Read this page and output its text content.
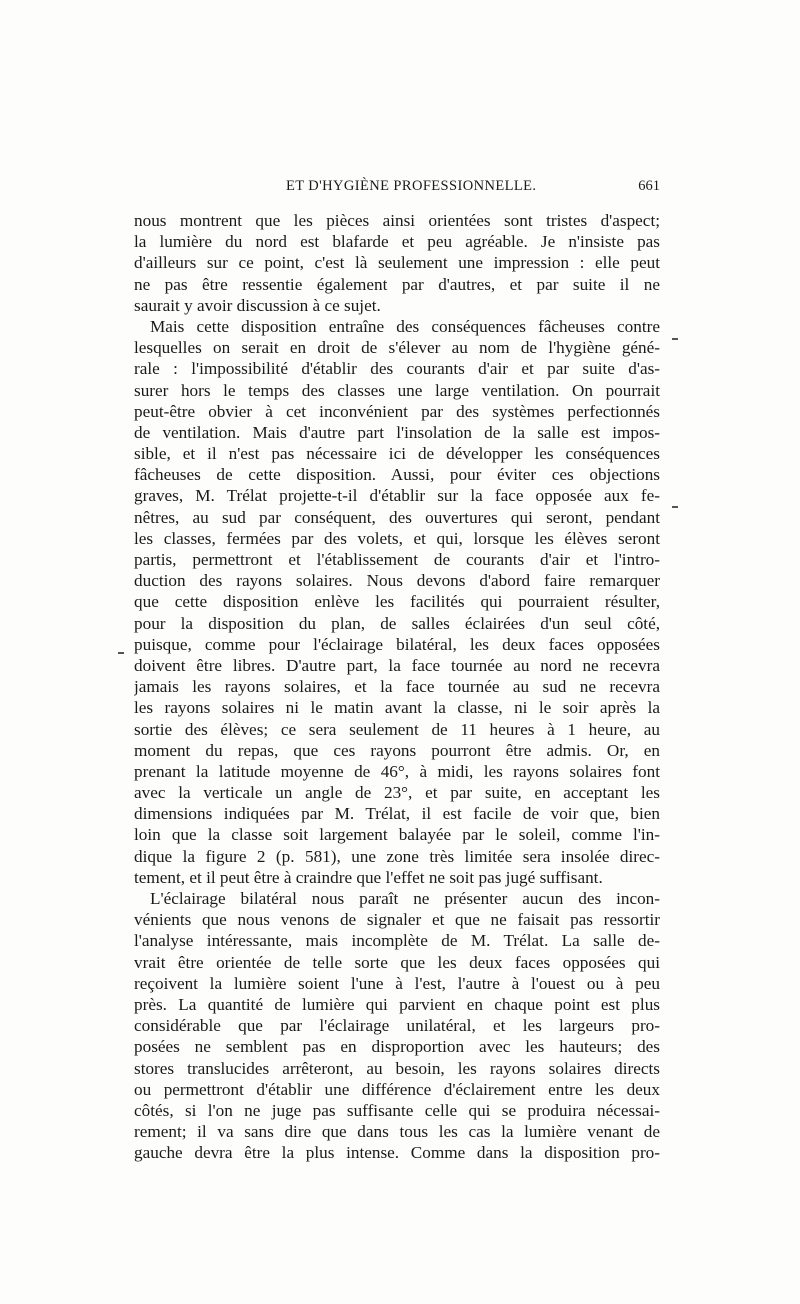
ET D'HYGIÈNE PROFESSIONNELLE.	661
nous montrent que les pièces ainsi orientées sont tristes d'aspect;
la lumière du nord est blafarde et peu agréable. Je n'insiste pas
d'ailleurs sur ce point, c'est là seulement une impression : elle peut
ne pas être ressentie également par d'autres, et par suite il ne
saurait y avoir discussion à ce sujet.
Mais cette disposition entraîne des conséquences fâcheuses contre
lesquelles on serait en droit de s'élever au nom de l'hygiène géné-
rale : l'impossibilité d'établir des courants d'air et par suite d'as-
surer hors le temps des classes une large ventilation. On pourrait
peut-être obvier à cet inconvénient par des systèmes perfectionnés
de ventilation. Mais d'autre part l'insolation de la salle est impos-
sible, et il n'est pas nécessaire ici de développer les conséquences
fâcheuses de cette disposition. Aussi, pour éviter ces objections
graves, M. Trélat projette-t-il d'établir sur la face opposée aux fe-
nêtres, au sud par conséquent, des ouvertures qui seront, pendant
les classes, fermées par des volets, et qui, lorsque les élèves seront
partis, permettront et l'établissement de courants d'air et l'intro-
duction des rayons solaires. Nous devons d'abord faire remarquer
que cette disposition enlève les facilités qui pourraient résulter,
pour la disposition du plan, de salles éclairées d'un seul côté,
puisque, comme pour l'éclairage bilatéral, les deux faces opposées
doivent être libres. D'autre part, la face tournée au nord ne recevra
jamais les rayons solaires, et la face tournée au sud ne recevra
les rayons solaires ni le matin avant la classe, ni le soir après la
sortie des élèves; ce sera seulement de 11 heures à 1 heure, au
moment du repas, que ces rayons pourront être admis. Or, en
prenant la latitude moyenne de 46°, à midi, les rayons solaires font
avec la verticale un angle de 23°, et par suite, en acceptant les
dimensions indiquées par M. Trélat, il est facile de voir que, bien
loin que la classe soit largement balayée par le soleil, comme l'in-
dique la figure 2 (p. 581), une zone très limitée sera insolée direc-
tement, et il peut être à craindre que l'effet ne soit pas jugé suffisant.
L'éclairage bilatéral nous paraît ne présenter aucun des incon-
vénients que nous venons de signaler et que ne faisait pas ressortir
l'analyse intéressante, mais incomplète de M. Trélat. La salle de-
vrait être orientée de telle sorte que les deux faces opposées qui
reçoivent la lumière soient l'une à l'est, l'autre à l'ouest ou à peu
près. La quantité de lumière qui parvient en chaque point est plus
considérable que par l'éclairage unilatéral, et les largeurs pro-
posées ne semblent pas en disproportion avec les hauteurs; des
stores translucides arrêteront, au besoin, les rayons solaires directs
ou permettront d'établir une différence d'éclairement entre les deux
côtés, si l'on ne juge pas suffisante celle qui se produira nécessai-
rement; il va sans dire que dans tous les cas la lumière venant de
gauche devra être la plus intense. Comme dans la disposition pro-
